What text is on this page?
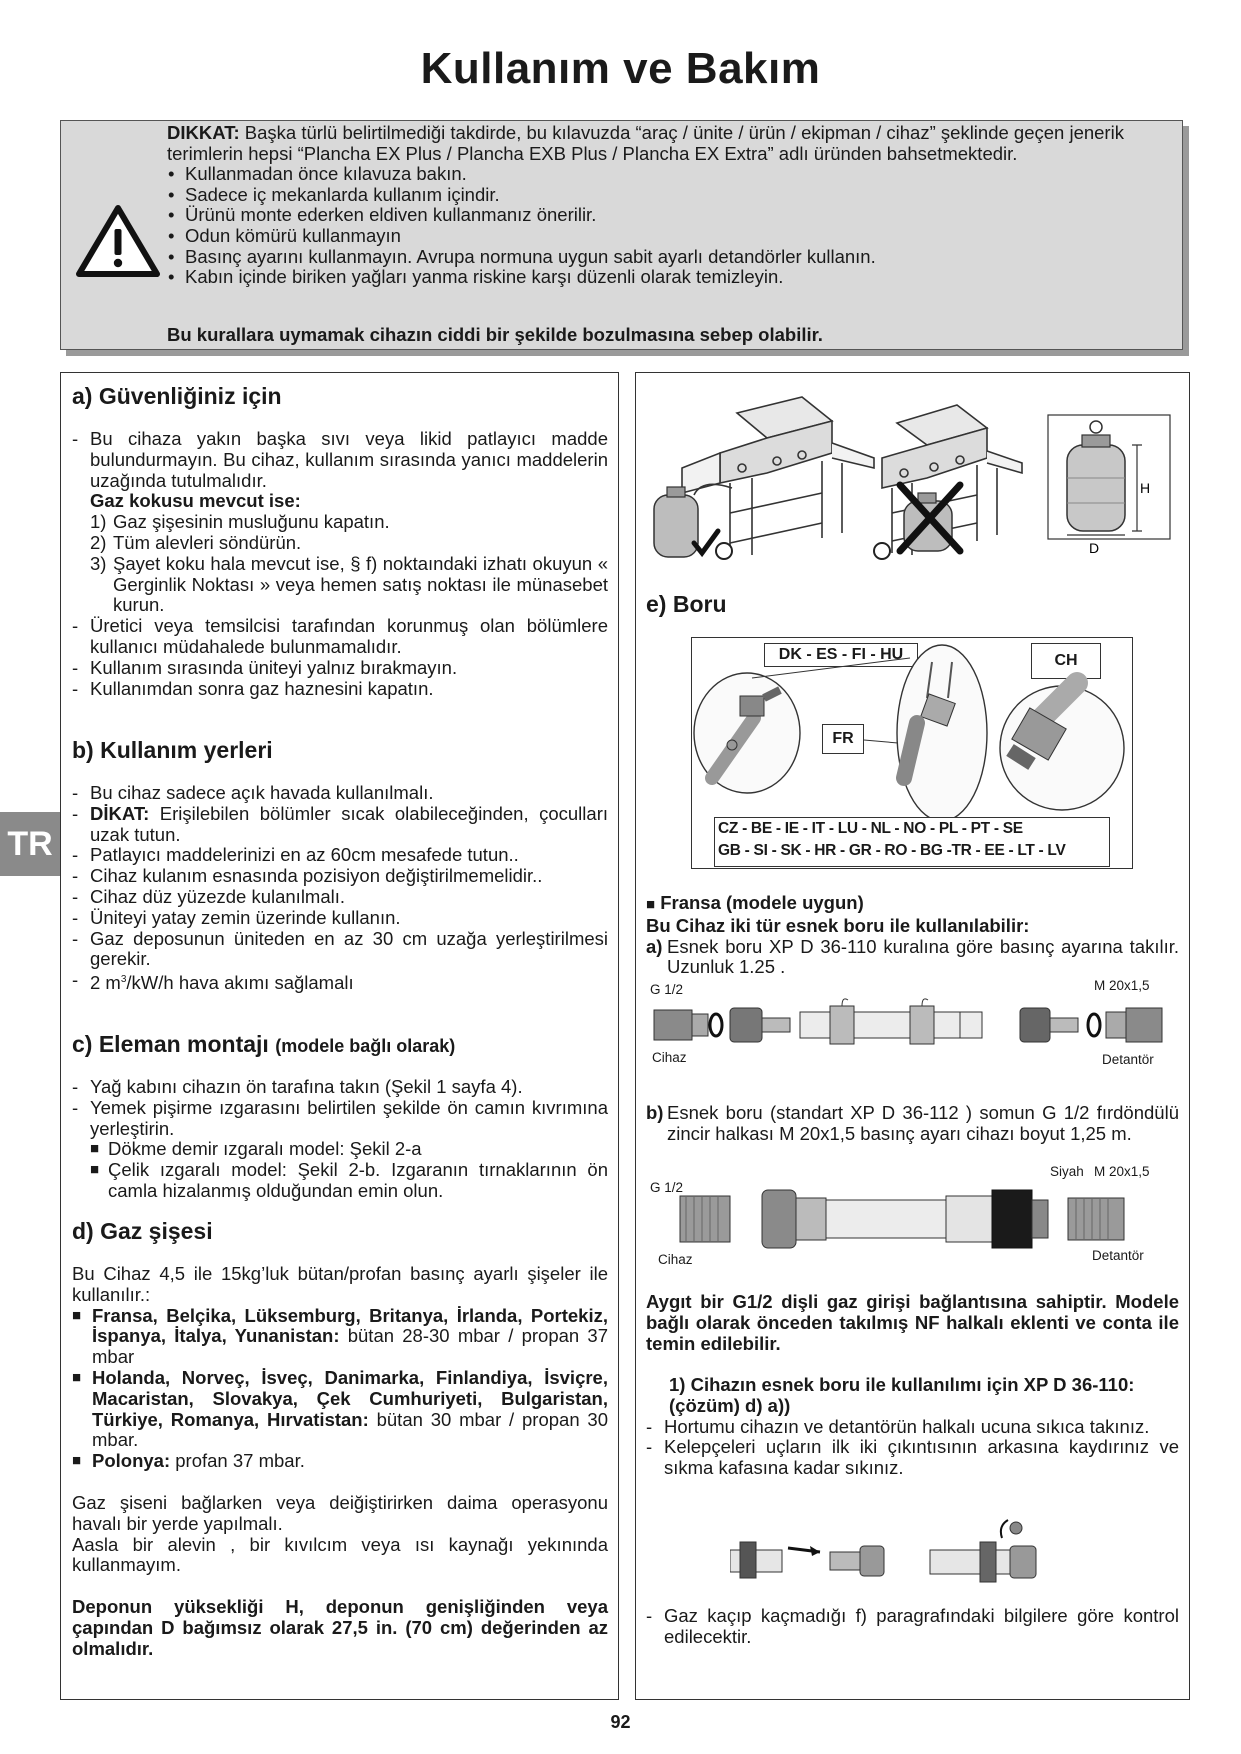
Kullanım ve Bakım
DIKKAT: Başka türlü belirtilmediği takdirde, bu kılavuzda “araç / ünite / ürün / ekipman / cihaz” şeklinde geçen jenerik terimlerin hepsi “Plancha EX Plus / Plancha EXB Plus / Plancha EX Extra” adlı üründen bahsetmektedir.
• Kullanmadan önce kılavuza bakın.
• Sadece iç mekanlarda kullanım içindir.
• Ürünü monte ederken eldiven kullanmanız önerilir.
• Odun kömürü kullanmayın
• Basınç ayarını kullanmayın. Avrupa normuna uygun sabit ayarlı detandörler kullanın.
• Kabın içinde biriken yağları yanma riskine karşı düzenli olarak temizleyin.
Bu kurallara uymamak cihazın ciddi bir şekilde bozulmasına sebep olabilir.
TR
a) Güvenliğiniz için
- Bu cihaza yakın başka sıvı veya likid patlayıcı madde bulundurmayın. Bu cihaz, kullanım sırasında yanıcı maddelerin uzağında tutulmalıdır.
Gaz kokusu mevcut ise:
1) Gaz şişesinin musluğunu kapatın.
2) Tüm alevleri söndürün.
3) Şayet koku hala mevcut ise, § f) noktaındaki izhatı okuyun « Gerginlik Noktası » veya hemen satış noktası ile münasebet kurun.
- Üretici veya temsilcisi tarafından korunmuş olan bölümlere kullanıcı müdahalede bulunmamalıdır.
- Kullanım sırasında üniteyi yalnız bırakmayın.
- Kullanımdan sonra gaz haznesini kapatın.
b) Kullanım yerleri
- Bu cihaz sadece açık havada kullanılmalı.
- DİKAT: Erişilebilen bölümler sıcak olabileceğinden, çoculları uzak tutun.
- Patlayıcı maddelerinizi en az 60cm mesafede tutun..
- Cihaz kulanım esnasında pozisiyon değiştirilmemelidir..
- Cihaz düz yüzezde kulanılmalı.
- Üniteyi yatay zemin üzerinde kullanın.
- Gaz deposunun üniteden en az 30 cm uzağa yerleştirilmesi gerekir.
- 2 $m^3/kW/h$ hava akımı sağlamalı
c) Eleman montajı (modele bağlı olarak)
- Yağ kabını cihazın ön tarafına takın (Şekil 1 sayfa 4).
- Yemek pişirme ızgarasını belirtilen şekilde ön camın kıvrımına yerleştirin.
■ Dökme demir ızgaralı model: Şekil 2-a
■ Çelik ızgaralı model: Şekil 2-b. Izgaranın tırnaklarının ön camla hizalanmış olduğundan emin olun.
d) Gaz şişesi
Bu Cihaz 4,5 ile 15kg’luk bütan/profan basınç ayarlı şişeler ile kullanılır.:
■ Fransa, Belçika, Lüksemburg, Britanya, İrlanda, Portekiz, İspanya, İtalya, Yunanistan: bütan 28-30 mbar / propan 37 mbar
■ Holanda, Norveç, İsveç, Danimarka, Finlandiya, İsviçre, Macaristan, Slovakya, Çek Cumhuriyeti, Bulgaristan, Türkiye, Romanya, Hırvatistan: bütan 30 mbar / propan 30 mbar.
■ Polonya: profan 37 mbar.
Gaz şiseni bağlarken veya deiğiştirirken daima operasyonu havalı bir yerde yapılmalı.
Aasla bir alevin , bir kıvılcım veya ısı kaynağı yekınında kullanmayım.
Deponun yüksekliği H, deponun genişliğinden veya çapından D bağımsız olarak 27,5 in. (70 cm) değerinden az olmalıdır.
H
D
e) Boru
DK - ES - FI - HU	CH
FR
CZ - BE - IE - IT - LU - NL - NO - PL - PT - SE
GB - SI - SK - HR - GR - RO - BG -TR - EE - LT - LV
■ Fransa (modele uygun)
Bu Cihaz iki tür esnek boru ile kullanılabilir:
a) Esnek boru XP D 36-110 kuralına göre basınç ayarına takılır. Uzunluk 1.25 .
G 1/2	M 20x1,5
Cihaz	Detantör
b) Esnek boru (standart XP D 36-112 ) somun G 1/2 fırdöndülü zincir halkası M 20x1,5 basınç ayarı cihazı boyut 1,25 m.
G 1/2
Siyah M 20x1,5
Cihaz	Detantör
Aygıt bir G1/2 dişli gaz girişi bağlantısına sahiptir. Modele bağlı olarak önceden takılmış NF halkalı eklenti ve conta ile temin edilebilir.
1) Cihazın esnek boru ile kullanılımı için XP D 36-110: (çözüm) d) a))
- Hortumu cihazın ve detantörün halkalı ucuna sıkıca takınız.
- Kelepçeleri uçların ilk iki çıkıntısının arkasına kaydırınız ve sıkma kafasına kadar sıkınız.
- Gaz kaçıp kaçmadığı f) paragrafındaki bilgilere göre kontrol edilecektir.
92
